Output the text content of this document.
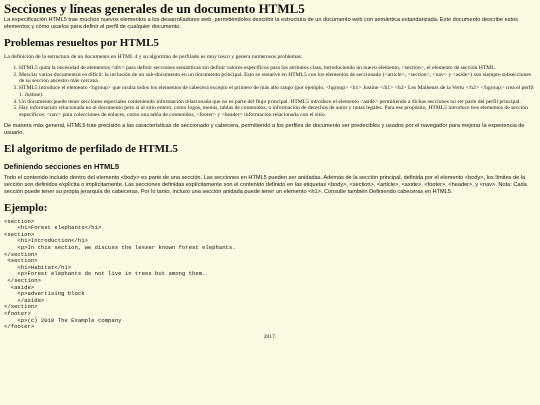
Secciones y líneas generales de un documento HTML5

La especificación HTML5 trae muchos nuevos elementos a los desarrolladores web, permitiéndoles describir la estructura de un documento web con semántica estandarizada. Este documento describe estos elementos y cómo usarlos para definir el perfil de cualquier documento.

Problemas resueltos por HTML5

La definición de la estructura de un documento en HTML 4 y su algoritmo de perfilado es muy tosco y genera numerosos problemas:

1. HTML5 quita la necesidad de elementos <div> para definir secciones semánticas sin definir valores específicos para los atributos class, introduciendo un nuevo elemento, <section>, el elemento de sección HTML.
2. Mezclar varios documentos es difícil: la inclusión de un sub-documento en un documento principal. Esto se resuelve en HTML5 con los elementos de seccionado (<article>, <section>, <nav> y <aside>) son siempre subsecciones de su sección ancestro más cercana.
3. HTML5 introduce el elemento <hgroup> que oculta todos los elementos de cabecera excepto el primero de más alto rango (por ejemplo, <hgroup> <h1> Justine </h1> <h2> Les Malheurs de la Vertu </h2> </hgroup> crea el perfil 1. Justine).
4. Un documento puede tener secciones especiales conteniendo información relacionada que no es parte del flujo principal. HTML5 introduce el elemento <aside> permitiendo a dichas secciones no ser parte del perfil principal.
5. Hay información relacionada no al documento pero sí al sitio entero, como logos, menús, tablas de contenidos, o información de derechos de autor y notas legales. Para ese propósito, HTML5 introduce tres elementos de sección específicos: <nav> para colecciones de enlaces, como una tabla de contenidos, <footer> y <header> información relacionada con el sitio.

De manera más general, HTML5 trae precisión a las características de seccionado y cabecera, permitiendo a los perfiles de documento ser predecibles y usados por el navegador para mejorar la experiencia de usuario.

El algoritmo de perfilado de HTML5
Definiendo secciones en HTML5

Todo el contenido incluido dentro del elemento <body> es parte de una sección. Las secciones en HTML5 pueden ser anidadas. Además de la sección principal, definida por el elemento <body>, los límites de la sección son definidos explícita o implícitamente. Las secciones definidas explícitamente son el contenido definido en las etiquetas <body>, <section>, <article>, <aside>, <footer>, <header>, y <nav>. Nota: Cada sección puede tener su propia jerarquía de cabeceras. Por lo tanto, incluso una sección anidada puede tener un elemento <h1>. Consulte también Definiendo cabeceras en HTML5.

Ejemplo:
<section>
<h1>Forest elephants</h1>
<section>
<h1>Introduction</h1>
<p>In this section, we discuss the lesser known forest elephants.
</section>
<section>
<h1>Habitat</h1>
<p>Forest elephants do not live in trees but among them.
</section>
<aside>
<p>advertising block
</aside>
</section>
<footer>
<p>(c) 2010 The Example company
</footer>
2017.
